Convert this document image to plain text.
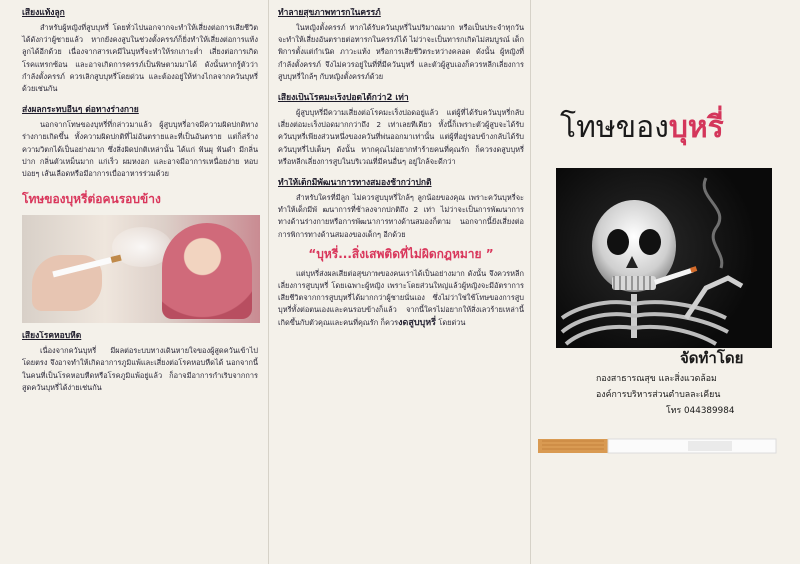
เสี่ยงแท้งลูก
สำหรับผู้หญิงที่สูบบุหรี่ โดยทั่วไปนอกจากจะทำให้เสี่ยงต่อการเสียชีวิตได้ดังกว่าผู้ชายแล้ว หากยังคงสูบในช่วงตั้งครรภ์ก็ยิ่งทำให้เสี่ยงต่อการแท้งลูกได้อีกด้วย เนื่องจากสารเคมีในบุหรี่จะทำให้รกเกาะต่ำ เสี่ยงต่อการเกิดโรคแทรกซ้อน และอาจเกิดการครรภ์เป็นพิษตามมาได้ ดังนั้นหากรู้ตัวว่ากำลังตั้งครรภ์ ควรเลิกสูบบุหรี่โดยด่วน และต้องอยู่ให้ห่างไกลจากควันบุหรี่ด้วยเช่นกัน
ส่งผลกระทบอื่นๆ ต่อทางร่างกาย
นอกจากโทษของบุหรี่ที่กล่าวมาแล้ว ผู้สูบบุหรี่อาจมีความผิดปกติทางร่างกายเกิดขึ้น ทั้งความผิดปกติที่ไม่อันตรายและที่เป็นอันตราย แต่ก็สร้างความวิตกได้เป็นอย่างมาก ซึ่งสิ่งผิดปกติเหล่านั้น ได้แก่ ฟันผุ ฟันดำ มีกลิ่นปาก กลิ่นตัวเหม็นมาก แก่เร็ว ผมหงอก และอาจมีอาการเหนื่อยง่าย หอบบ่อยๆ เส้นเลือดหรือมีอาการเบื่ออาหารร่วมด้วย
โทษของบุหรี่ต่อคนรอบข้าง
เสี่ยงโรคหอบหืด
เนื่องจากควันบุหรี่ มีผลต่อระบบทางเดินหายใจของผู้สูดควันเข้าไปโดยตรง จึงอาจทำให้เกิดอาการภูมิแพ้และเสี่ยงต่อโรคหอบหืดได้ นอกจากนี้ ในคนที่เป็นโรคหอบหืดหรือโรคภูมิแพ้อยู่แล้ว ก็อาจมีอาการกำเริบจากการสูดควันบุหรี่ได้ง่ายเช่นกัน
ทำลายสุขภาพทารกในครรภ์
ในหญิงตั้งครรภ์ หากได้รับควันบุหรี่ในปริมาณมาก หรือเป็นประจำทุกวันจะทำให้เสี่ยงอันตรายต่อทารกในครรภ์ได้ ไม่ว่าจะเป็นทารกเกิดไม่สมบูรณ์ เด็กพิการตั้งแต่กำเนิด ภาวะแท้ง หรือการเสียชีวิตระหว่างคลอด ดังนั้น ผู้หญิงที่กำลังตั้งครรภ์ จึงไม่ควรอยู่ในที่ที่มีควันบุหรี่ และตัวผู้สูบเองก็ควรหลีกเลี่ยงการสูบบุหรี่ใกล้ๆ กับหญิงตั้งครรภ์ด้วย
เสี่ยงเป็นโรคมะเร็งปอดได้กว่า2 เท่า
ผู้สูบบุหรี่มีความเสี่ยงต่อโรคมะเร็งปอดอยู่แล้ว แต่ผู้ที่ได้รับควันบุหรี่กลับเสี่ยงต่อมะเร็งปอดมากกว่าถึง 2 เท่าเลยทีเดียว ทั้งนี้ก็เพราะตัวผู้สูบจะได้รับควันบุหรี่เพียงส่วนหนึ่งของควันที่พ่นออกมาเท่านั้น แต่ผู้ที่อยู่รอบข้างกลับได้รับควันบุหรี่ไปเต็มๆ ดังนั้น หากคุณไม่อยากทำร้ายคนที่คุณรัก ก็ควรงดสูบบุหรี่หรือหลีกเลี่ยงการสูบในบริเวณที่มีคนอื่นๆ อยู่ใกล้จะดีกว่า
ทำให้เด็กมีพัฒนาการทางสมองช้ากว่าปกติ
สำหรับใครที่มีลูก ไม่ควรสูบบุหรี่ใกล้ๆ ลูกน้อยของคุณ เพราะควันบุหรี่จะทำให้เด็กมีพั ฒนาการที่ช้าลงจากปกติถึง 2 เท่า ไม่ว่าจะเป็นการพัฒนาการทางด้านร่างกายหรือการพัฒนาการทางด้านสมองก็ตาม นอกจากนี้ยังเสี่ยงต่อการพิการทางด้านสมองของเด็กๆ อีกด้วย
“บุหรี่...สิ่งเสพติดที่ไม่ผิดกฎหมาย ”
แต่บุหรี่ส่งผลเสียต่อสุขภาพของคนเราได้เป็นอย่างมาก ดังนั้น จึงควรหลีกเลี่ยงการสูบบุหรี่ โดยเฉพาะผู้หญิง เพราะโดยส่วนใหญ่แล้วผู้หญิงจะมีอัตราการเสียชีวิตจากการสูบบุหรี่ได้มากกว่าผู้ชายนั่นเอง ซึ่งไม่ว่าใช่ใช้โทษของการสูบบุหรี่ทั้งต่อตนเองและคนรอบข้างก็แล้ว จากนี้ใครไม่อยากให้สิ่งเลวร้ายเหล่านี้เกิดขึ้นกับตัวคุณและคนที่คุณรัก ก็ควรงดสูบบุหรี่ โดยด่วน
โทษของบุหรี่
จัดทำโดย
กองสาธารณสุข และสิ่งแวดล้อม
องค์การบริหารส่วนตำบลละเคียน
โทร 044389984
